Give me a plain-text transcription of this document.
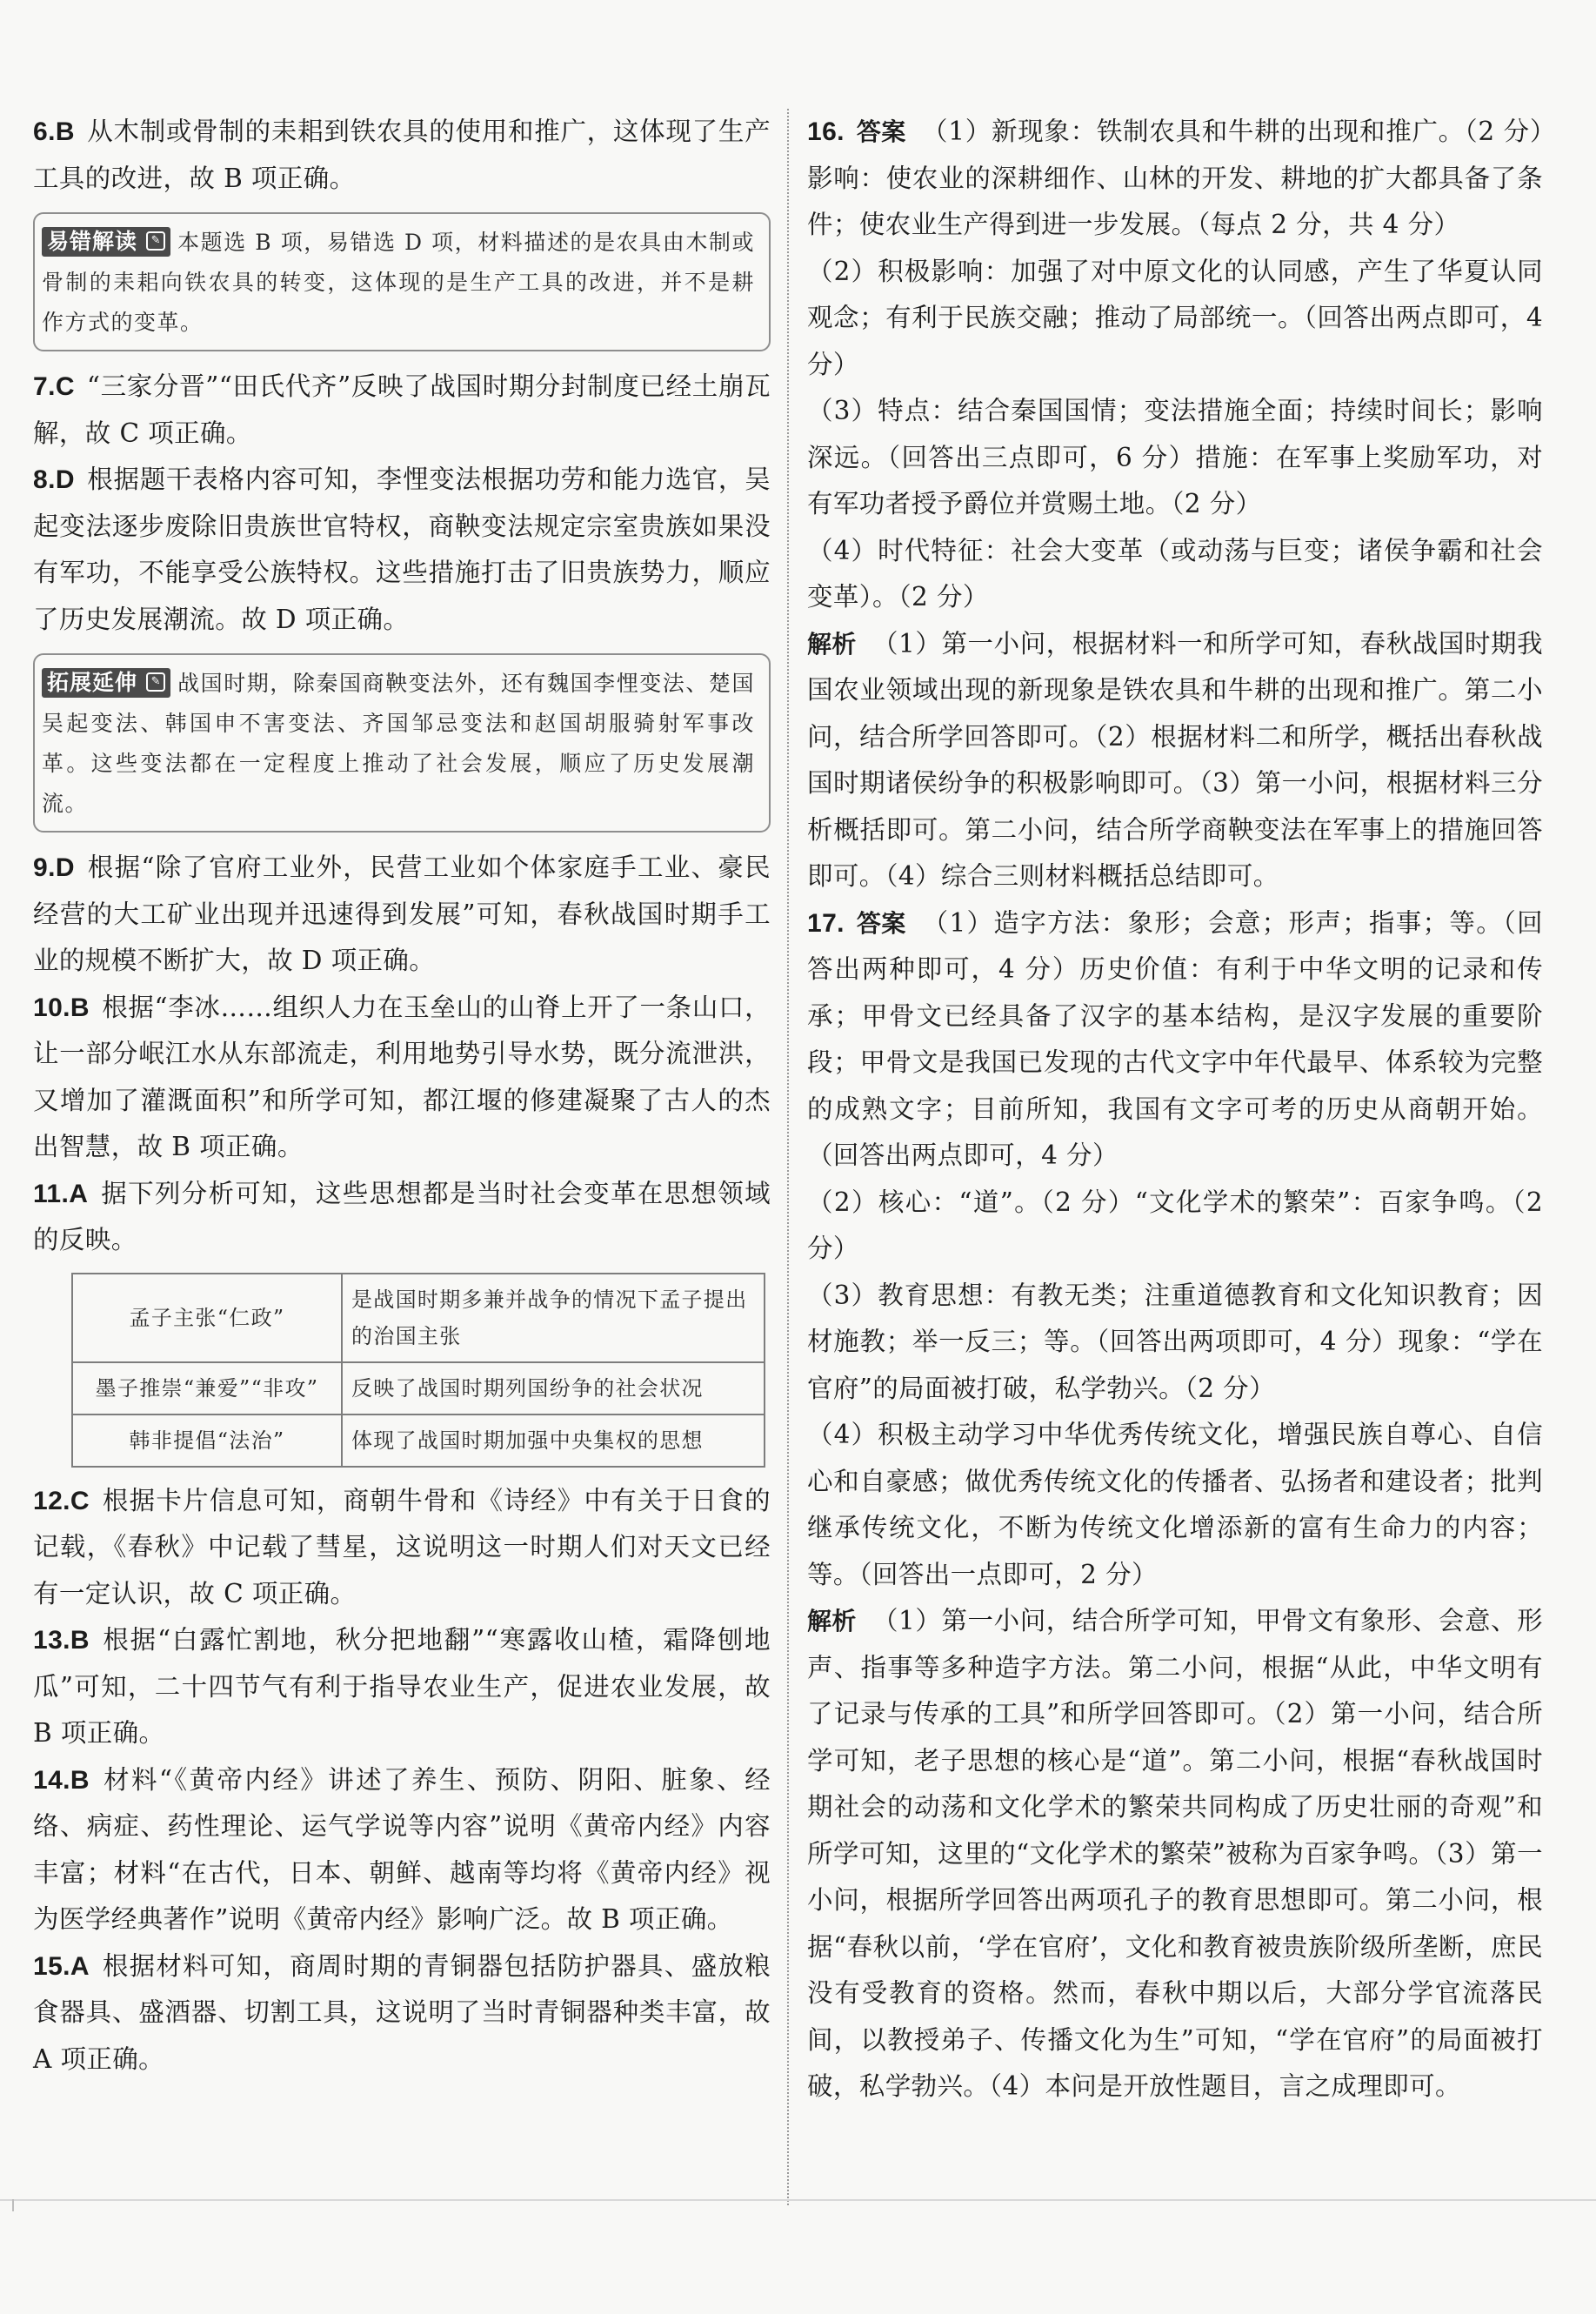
6.B 从木制或骨制的耒耜到铁农具的使用和推广，这体现了生产工具的改进，故 B 项正确。

易错解读	✎ 本题选 B 项，易错选 D 项，材料描述的是农具由木制或骨制的耒耜向铁农具的转变，这体现的是生产工具的改进，并不是耕作方式的变革。

7.C “三家分晋”“田氏代齐”反映了战国时期分封制度已经土崩瓦解，故 C 项正确。

8.D 根据题干表格内容可知，李悝变法根据功劳和能力选官，吴起变法逐步废除旧贵族世官特权，商鞅变法规定宗室贵族如果没有军功，不能享受公族特权。这些措施打击了旧贵族势力，顺应了历史发展潮流。故 D 项正确。

拓展延伸	✎ 战国时期，除秦国商鞅变法外，还有魏国李悝变法、楚国吴起变法、韩国申不害变法、齐国邹忌变法和赵国胡服骑射军事改革。这些变法都在一定程度上推动了社会发展，顺应了历史发展潮流。

9.D 根据“除了官府工业外，民营工业如个体家庭手工业、豪民经营的大工矿业出现并迅速得到发展”可知，春秋战国时期手工业的规模不断扩大，故 D 项正确。

10.B 根据“李冰……组织人力在玉垒山的山脊上开了一条山口，让一部分岷江水从东部流走，利用地势引导水势，既分流泄洪，又增加了灌溉面积”和所学可知，都江堰的修建凝聚了古人的杰出智慧，故 B 项正确。

11.A 据下列分析可知，这些思想都是当时社会变革在思想领域的反映。

孟子主张“仁政”	是战国时期多兼并战争的情况下孟子提出的治国主张
墨子推崇“兼爱”“非攻”	反映了战国时期列国纷争的社会状况
韩非提倡“法治”	体现了战国时期加强中央集权的思想

12.C 根据卡片信息可知，商朝牛骨和《诗经》中有关于日食的记载，《春秋》中记载了彗星，这说明这一时期人们对天文已经有一定认识，故 C 项正确。

13.B 根据“白露忙割地，秋分把地翻”“寒露收山楂，霜降刨地瓜”可知，二十四节气有利于指导农业生产，促进农业发展，故 B 项正确。

14.B 材料“《黄帝内经》讲述了养生、预防、阴阳、脏象、经络、病症、药性理论、运气学说等内容”说明《黄帝内经》内容丰富；材料“在古代，日本、朝鲜、越南等均将《黄帝内经》视为医学经典著作”说明《黄帝内经》影响广泛。故 B 项正确。

15.A 根据材料可知，商周时期的青铜器包括防护器具、盛放粮食器具、盛酒器、切割工具，这说明了当时青铜器种类丰富，故 A 项正确。

16. 答案 （1）新现象：铁制农具和牛耕的出现和推广。（2 分）影响：使农业的深耕细作、山林的开发、耕地的扩大都具备了条件；使农业生产得到进一步发展。（每点 2 分，共 4 分）

（2）积极影响：加强了对中原文化的认同感，产生了华夏认同观念；有利于民族交融；推动了局部统一。（回答出两点即可，4 分）

（3）特点：结合秦国国情；变法措施全面；持续时间长；影响深远。（回答出三点即可，6 分）措施：在军事上奖励军功，对有军功者授予爵位并赏赐土地。（2 分）

（4）时代特征：社会大变革（或动荡与巨变；诸侯争霸和社会变革）。（2 分）

解析 （1）第一小问，根据材料一和所学可知，春秋战国时期我国农业领域出现的新现象是铁农具和牛耕的出现和推广。第二小问，结合所学回答即可。（2）根据材料二和所学，概括出春秋战国时期诸侯纷争的积极影响即可。（3）第一小问，根据材料三分析概括即可。第二小问，结合所学商鞅变法在军事上的措施回答即可。（4）综合三则材料概括总结即可。

17. 答案 （1）造字方法：象形；会意；形声；指事；等。（回答出两种即可，4 分）历史价值：有利于中华文明的记录和传承；甲骨文已经具备了汉字的基本结构，是汉字发展的重要阶段；甲骨文是我国已发现的古代文字中年代最早、体系较为完整的成熟文字；目前所知，我国有文字可考的历史从商朝开始。（回答出两点即可，4 分）

（2）核心：“道”。（2 分）“文化学术的繁荣”：百家争鸣。（2 分）

（3）教育思想：有教无类；注重道德教育和文化知识教育；因材施教；举一反三；等。（回答出两项即可，4 分）现象：“学在官府”的局面被打破，私学勃兴。（2 分）

（4）积极主动学习中华优秀传统文化，增强民族自尊心、自信心和自豪感；做优秀传统文化的传播者、弘扬者和建设者；批判继承传统文化，不断为传统文化增添新的富有生命力的内容；等。（回答出一点即可，2 分）

解析 （1）第一小问，结合所学可知，甲骨文有象形、会意、形声、指事等多种造字方法。第二小问，根据“从此，中华文明有了记录与传承的工具”和所学回答即可。（2）第一小问，结合所学可知，老子思想的核心是“道”。第二小问，根据“春秋战国时期社会的动荡和文化学术的繁荣共同构成了历史壮丽的奇观”和所学可知，这里的“文化学术的繁荣”被称为百家争鸣。（3）第一小问，根据所学回答出两项孔子的教育思想即可。第二小问，根据“春秋以前，‘学在官府’，文化和教育被贵族阶级所垄断，庶民没有受教育的资格。然而，春秋中期以后，大部分学官流落民间，以教授弟子、传播文化为生”可知，“学在官府”的局面被打破，私学勃兴。（4）本问是开放性题目，言之成理即可。
